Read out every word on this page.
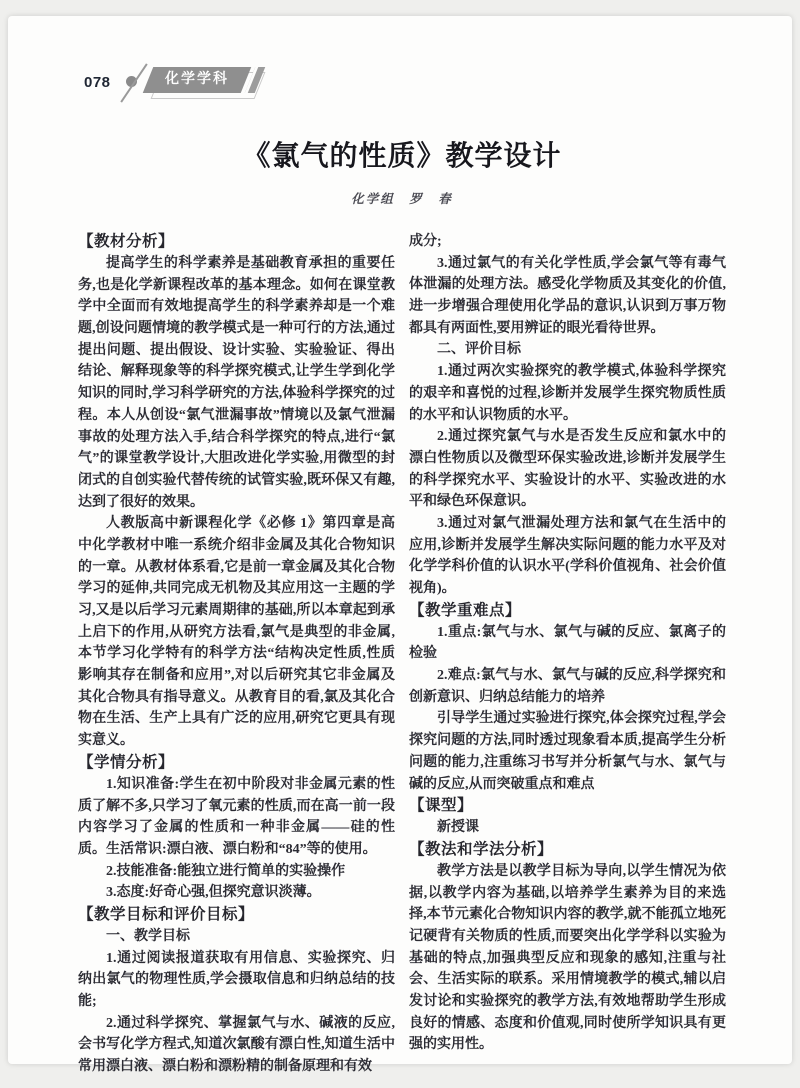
078	化学学科
《氯气的性质》教学设计
化学组　罗　春

【教材分析】

提高学生的科学素养是基础教育承担的重要任务,也是化学新课程改革的基本理念。如何在课堂教学中全面而有效地提高学生的科学素养却是一个难题,创设问题情境的教学模式是一种可行的方法,通过提出问题、提出假设、设计实验、实验验证、得出结论、解释现象等的科学探究模式,让学生学到化学知识的同时,学习科学研究的方法,体验科学探究的过程。本人从创设“氯气泄漏事故”情境以及氯气泄漏事故的处理方法入手,结合科学探究的特点,进行“氯气”的课堂教学设计,大胆改进化学实验,用微型的封闭式的自创实验代替传统的试管实验,既环保又有趣,达到了很好的效果。

人教版高中新课程化学《必修 1》第四章是高中化学教材中唯一系统介绍非金属及其化合物知识的一章。从教材体系看,它是前一章金属及其化合物学习的延伸,共同完成无机物及其应用这一主题的学习,又是以后学习元素周期律的基础,所以本章起到承上启下的作用,从研究方法看,氯气是典型的非金属,本节学习化学特有的科学方法“结构决定性质,性质影响其存在制备和应用”,对以后研究其它非金属及其化合物具有指导意义。从教育目的看,氯及其化合物在生活、生产上具有广泛的应用,研究它更具有现实意义。

【学情分析】

1.知识准备:学生在初中阶段对非金属元素的性质了解不多,只学习了氧元素的性质,而在高一前一段内容学习了金属的性质和一种非金属——硅的性质。生活常识:漂白液、漂白粉和“84”等的使用。

2.技能准备:能独立进行简单的实验操作

3.态度:好奇心强,但探究意识淡薄。

【教学目标和评价目标】

一、教学目标

1.通过阅读报道获取有用信息、实验探究、归纳出氯气的物理性质,学会摄取信息和归纳总结的技能;

2.通过科学探究、掌握氯气与水、碱液的反应,会书写化学方程式,知道次氯酸有漂白性,知道生活中常用漂白液、漂白粉和漂粉精的制备原理和有效

成分;

3.通过氯气的有关化学性质,学会氯气等有毒气体泄漏的处理方法。感受化学物质及其变化的价值,进一步增强合理使用化学品的意识,认识到万事万物都具有两面性,要用辨证的眼光看待世界。

二、评价目标

1.通过两次实验探究的教学模式,体验科学探究的艰辛和喜悦的过程,诊断并发展学生探究物质性质的水平和认识物质的水平。

2.通过探究氯气与水是否发生反应和氯水中的漂白性物质以及微型环保实验改进,诊断并发展学生的科学探究水平、实验设计的水平、实验改进的水平和绿色环保意识。

3.通过对氯气泄漏处理方法和氯气在生活中的应用,诊断并发展学生解决实际问题的能力水平及对化学学科价值的认识水平(学科价值视角、社会价值视角)。

【教学重难点】

1.重点:氯气与水、氯气与碱的反应、氯离子的检验

2.难点:氯气与水、氯气与碱的反应,科学探究和创新意识、归纳总结能力的培养

引导学生通过实验进行探究,体会探究过程,学会探究问题的方法,同时透过现象看本质,提高学生分析问题的能力,注重练习书写并分析氯气与水、氯气与碱的反应,从而突破重点和难点

【课型】

新授课

【教法和学法分析】

教学方法是以教学目标为导向,以学生情况为依据,以教学内容为基础,以培养学生素养为目的来选择,本节元素化合物知识内容的教学,就不能孤立地死记硬背有关物质的性质,而要突出化学学科以实验为基础的特点,加强典型反应和现象的感知,注重与社会、生活实际的联系。采用情境教学的模式,辅以启发讨论和实验探究的教学方法,有效地帮助学生形成良好的情感、态度和价值观,同时使所学知识具有更强的实用性。
